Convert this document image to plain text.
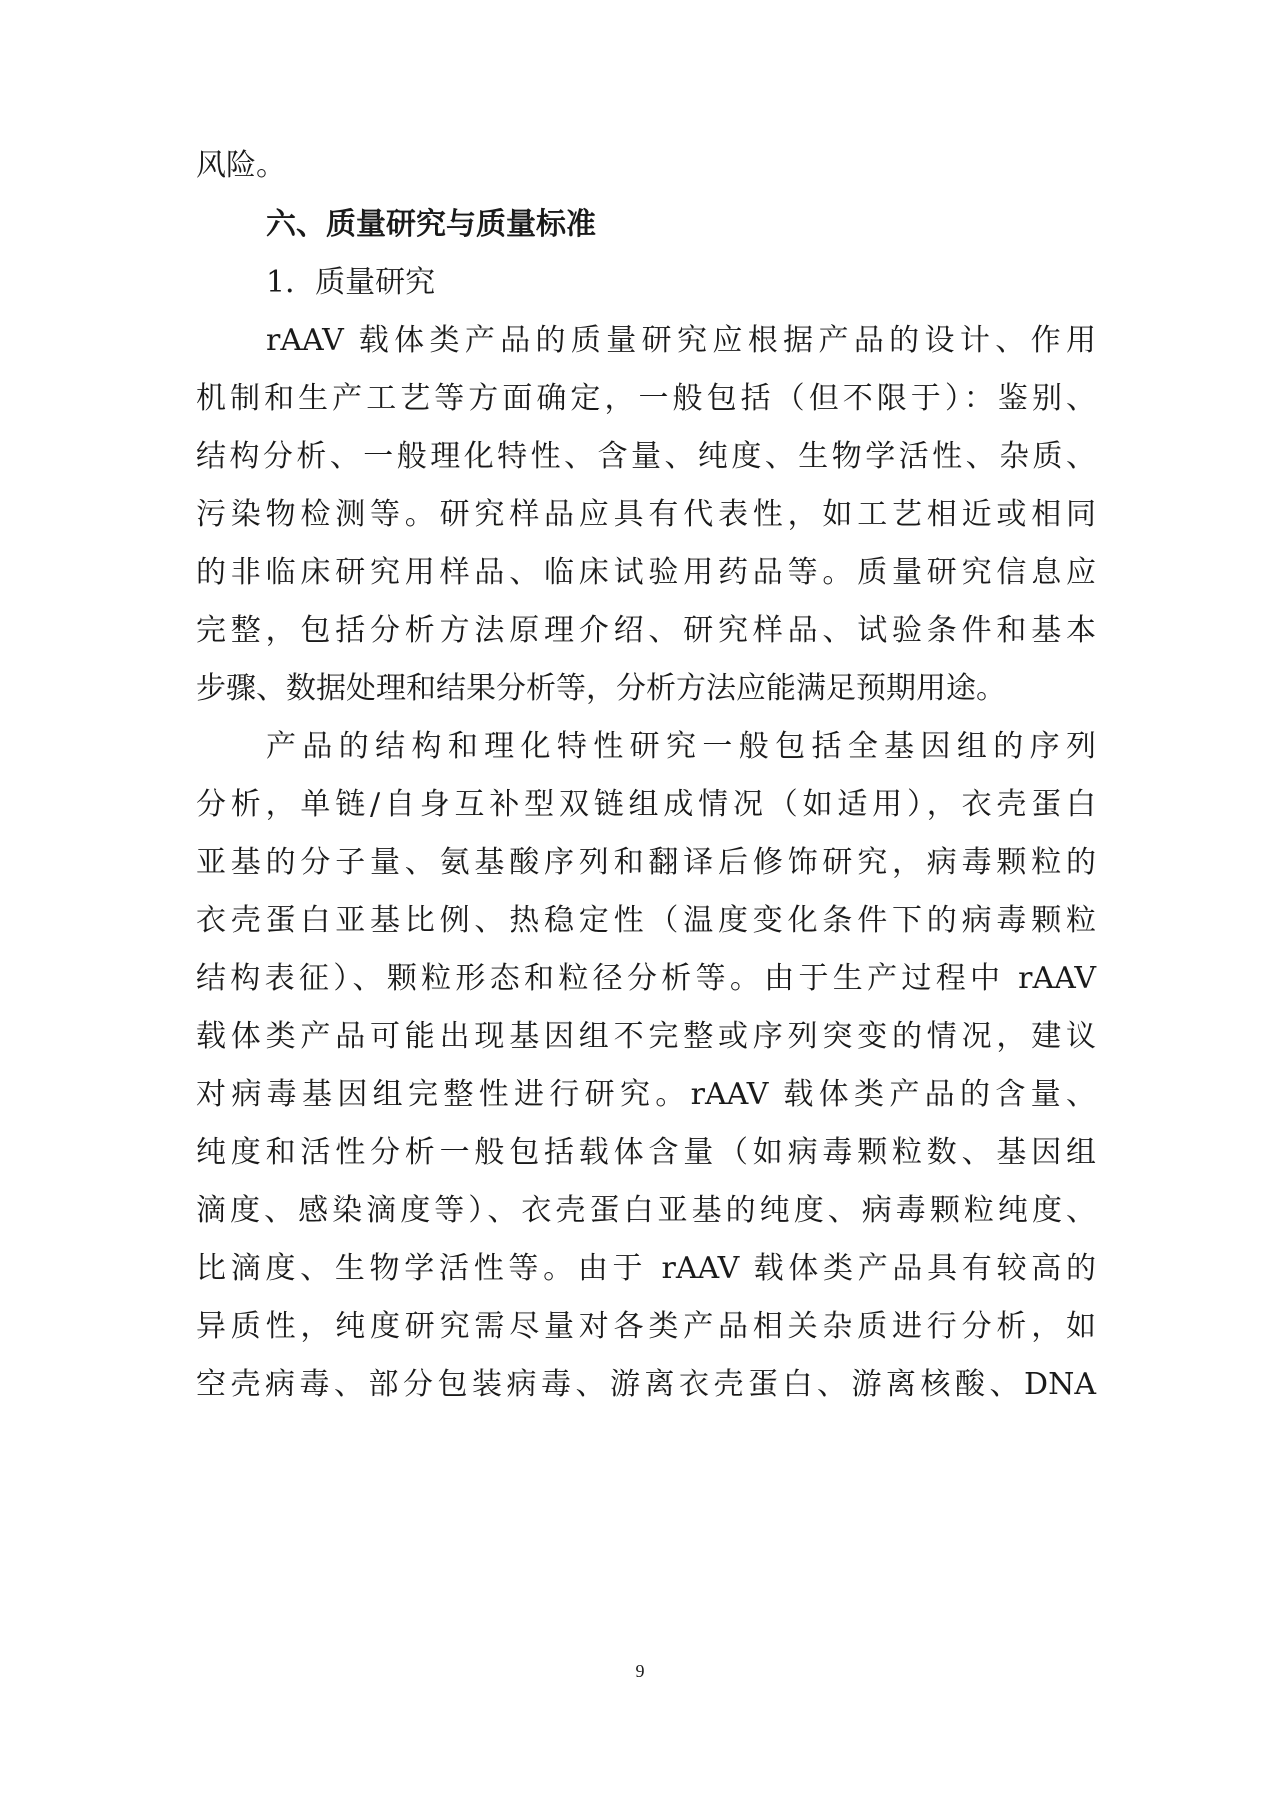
风险。
六、质量研究与质量标准
1．质量研究
rAAV 载体类产品的质量研究应根据产品的设计、作用
机制和生产工艺等方面确定，一般包括（但不限于）：鉴别、
结构分析、一般理化特性、含量、纯度、生物学活性、杂质、
污染物检测等。研究样品应具有代表性，如工艺相近或相同
的非临床研究用样品、临床试验用药品等。质量研究信息应
完整，包括分析方法原理介绍、研究样品、试验条件和基本
步骤、数据处理和结果分析等，分析方法应能满足预期用途。
产品的结构和理化特性研究一般包括全基因组的序列
分析，单链/自身互补型双链组成情况（如适用），衣壳蛋白
亚基的分子量、氨基酸序列和翻译后修饰研究，病毒颗粒的
衣壳蛋白亚基比例、热稳定性（温度变化条件下的病毒颗粒
结构表征）、颗粒形态和粒径分析等。由于生产过程中 rAAV
载体类产品可能出现基因组不完整或序列突变的情况，建议
对病毒基因组完整性进行研究。rAAV 载体类产品的含量、
纯度和活性分析一般包括载体含量（如病毒颗粒数、基因组
滴度、感染滴度等）、衣壳蛋白亚基的纯度、病毒颗粒纯度、
比滴度、生物学活性等。由于 rAAV 载体类产品具有较高的
异质性，纯度研究需尽量对各类产品相关杂质进行分析，如
空壳病毒、部分包装病毒、游离衣壳蛋白、游离核酸、DNA
9
